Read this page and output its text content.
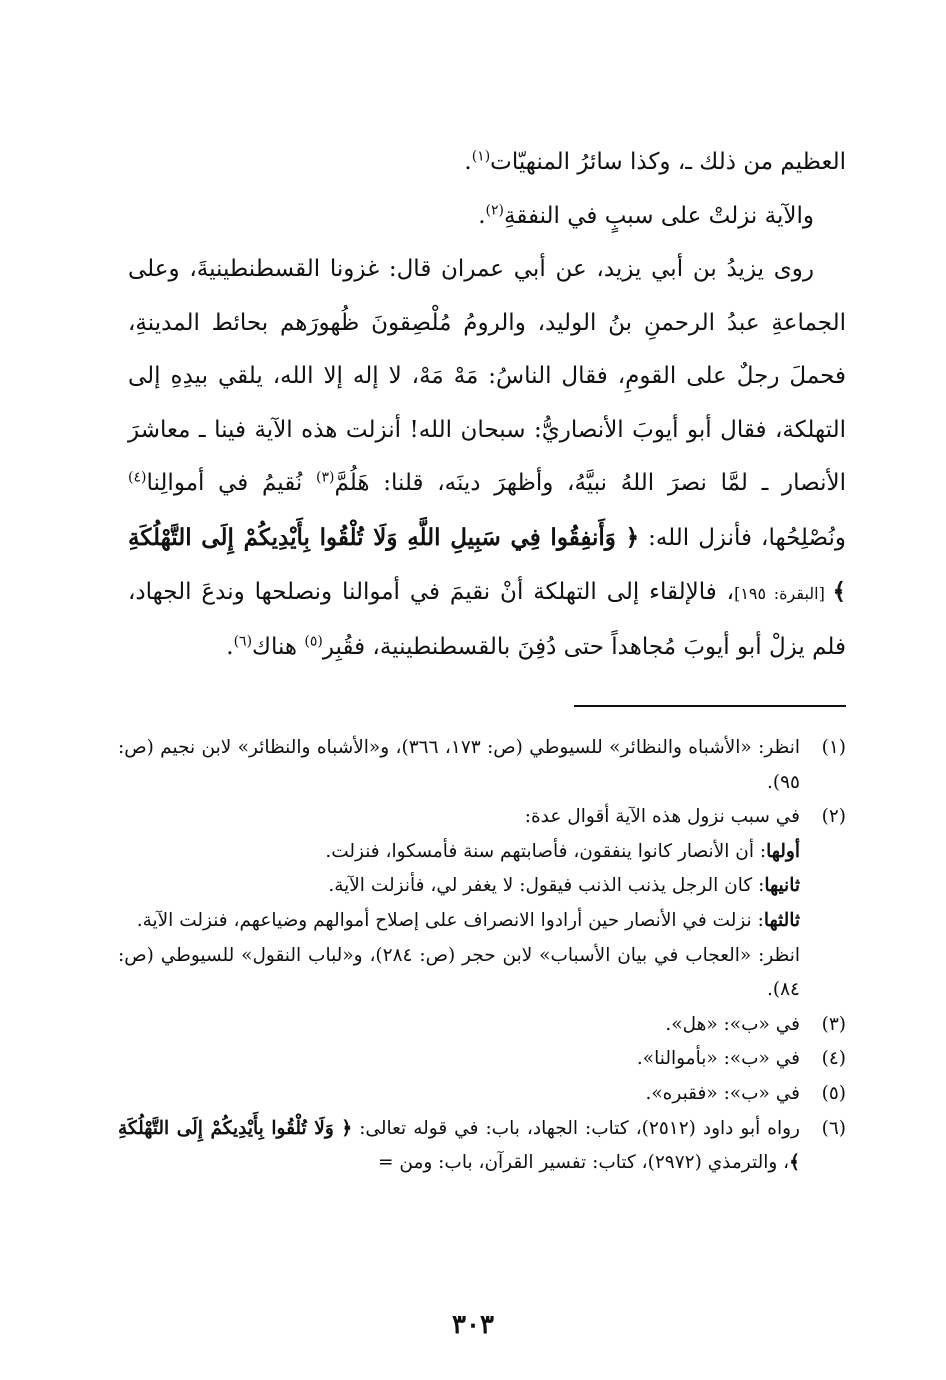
العظيم من ذلك ـ، وكذا سائرُ المنهيّات$^{(١)}$.

والآية نزلتْ على سببٍ في النفقةِ$^{(٢)}$.

روى يزيدُ بن أبي يزيد، عن أبي عمران قال: غزونا القسطنطينيةَ، وعلى الجماعةِ عبدُ الرحمنِ بنُ الوليد، والرومُ مُلْصِقونَ ظُهورَهم بحائط المدينةِ، فحملَ رجلٌ على القومِ، فقال الناسُ: مَهْ مَهْ، لا إله إلا الله، يلقي بيدِهِ إلى التهلكة، فقال أبو أيوبَ الأنصاريُّ: سبحان الله! أنزلت هذه الآية فينا ـ معاشرَ الأنصار ـ لمَّا نصرَ اللهُ نبيَّهُ، وأظهرَ دينَه، قلنا: هَلُمَّ$^{(٣)}$ نُقيمُ في أموالِنا$^{(٤)}$ ونُصْلِحُها، فأنزل الله: ﴿ وَأَنفِقُوا فِي سَبِيلِ اللَّهِ وَلَا تُلْقُوا بِأَيْدِيكُمْ إِلَى التَّهْلُكَةِ ﴾ [البقرة: ١٩٥]، فالإلقاء إلى التهلكة أنْ نقيمَ في أموالنا ونصلحها وندعَ الجهاد، فلم يزلْ أبو أيوبَ مُجاهداً حتى دُفِنَ بالقسطنطينية، فقُبِر$^{(٥)}$ هناك$^{(٦)}$.

(١)

انظر: «الأشباه والنظائر» للسيوطي (ص: ١٧٣، ٣٦٦)، و«الأشباه والنظائر» لابن نجيم (ص: ٩٥).

(٢)

في سبب نزول هذه الآية أقوال عدة:

أولها: أن الأنصار كانوا ينفقون، فأصابتهم سنة فأمسكوا، فنزلت.

ثانيها: كان الرجل يذنب الذنب فيقول: لا يغفر لي، فأنزلت الآية.

ثالثها: نزلت في الأنصار حين أرادوا الانصراف على إصلاح أموالهم وضياعهم، فنزلت الآية.

انظر: «العجاب في بيان الأسباب» لابن حجر (ص: ٢٨٤)، و«لباب النقول» للسيوطي (ص: ٨٤).

(٣)

في «ب»: «هل».

(٤)

في «ب»: «بأموالنا».

(٥)

في «ب»: «فقبره».

(٦)

رواه أبو داود (٢٥١٢)، كتاب: الجهاد، باب: في قوله تعالى: ﴿ وَلَا تُلْقُوا بِأَيْدِيكُمْ إِلَى التَّهْلُكَةِ ﴾، والترمذي (٢٩٧٢)، كتاب: تفسير القرآن، باب: ومن =

٣٠٣
